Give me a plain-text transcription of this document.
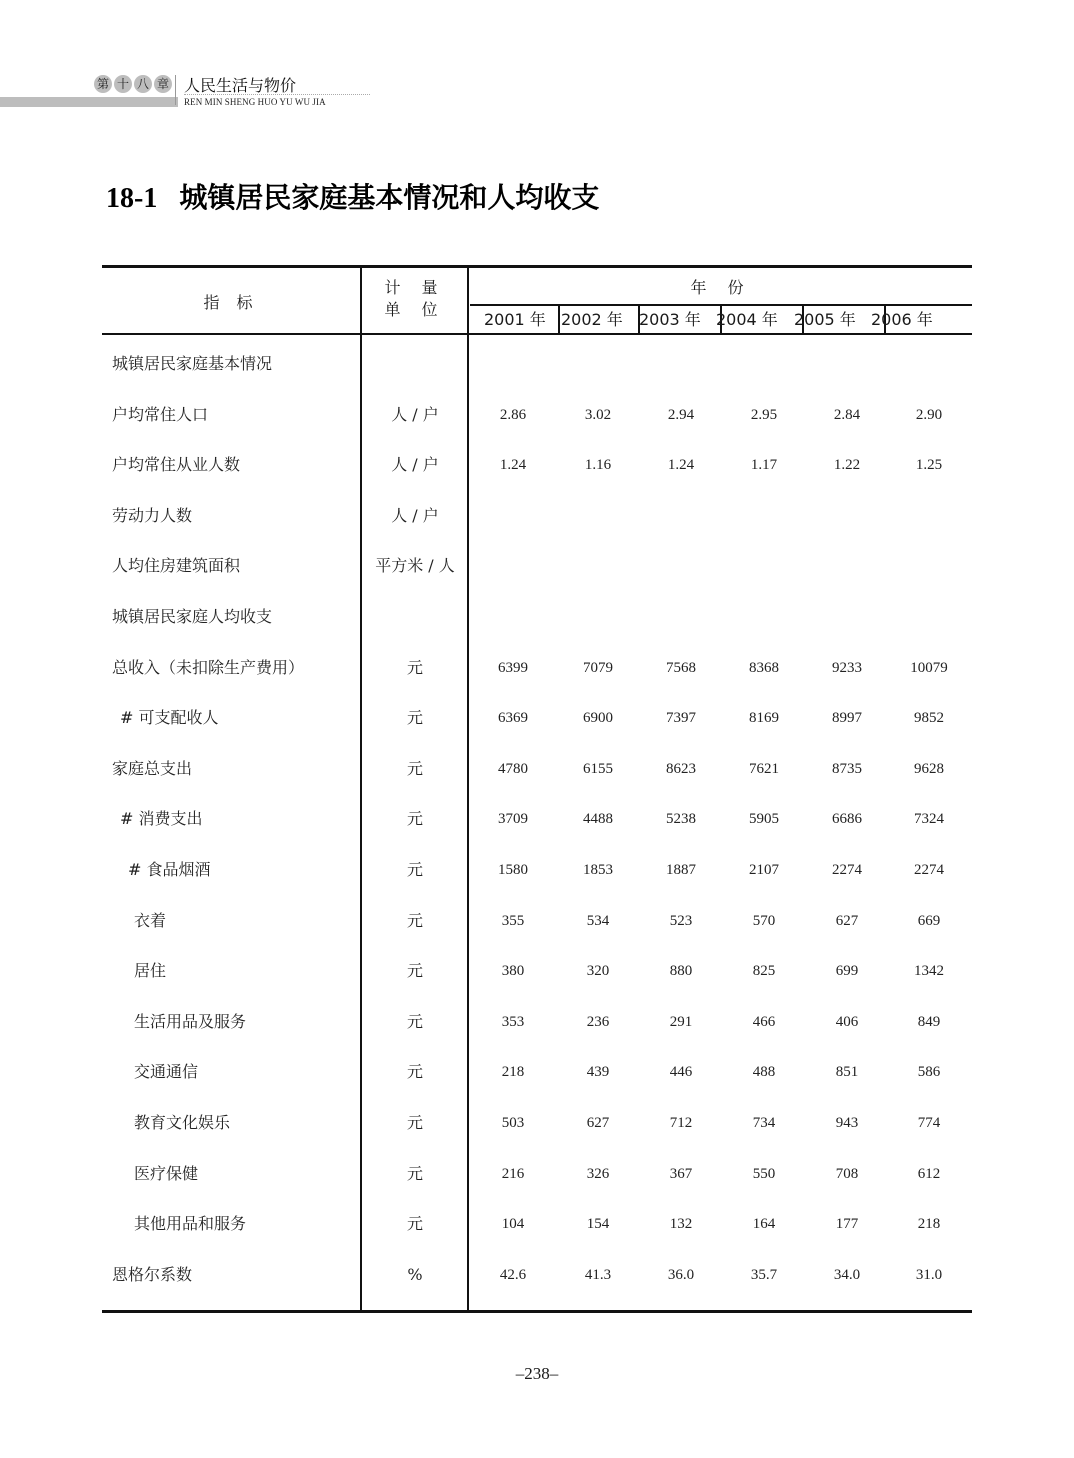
第 十 八 章 人民生活与物价
REN MIN SHENG HUO YU WU JIA
18-1 城镇居民家庭基本情况和人均收支
指 标
计 量
单 位
年 份
2001 年 2002 年 2003 年 2004 年 2005 年 2006 年
城镇居民家庭基本情况
户均常住人口	人 / 户	2.86	3.02	2.94	2.95	2.84	2.90
户均常住从业人数	人 / 户	1.24	1.16	1.24	1.17	1.22	1.25
劳动力人数	人 / 户
人均住房建筑面积	平方米 / 人
城镇居民家庭人均收支
总收入（未扣除生产费用）	元	6399	7079	7568	8368	9233	10079
# 可支配收人	元	6369	6900	7397	8169	8997	9852
家庭总支出	元	4780	6155	8623	7621	8735	9628
# 消费支出	元	3709	4488	5238	5905	6686	7324
# 食品烟酒	元	1580	1853	1887	2107	2274	2274
衣着	元	355	534	523	570	627	669
居住	元	380	320	880	825	699	1342
生活用品及服务	元	353	236	291	466	406	849
交通通信	元	218	439	446	488	851	586
教育文化娱乐	元	503	627	712	734	943	774
医疗保健	元	216	326	367	550	708	612
其他用品和服务	元	104	154	132	164	177	218
恩格尔系数	%	42.6	41.3	36.0	35.7	34.0	31.0
–238–
